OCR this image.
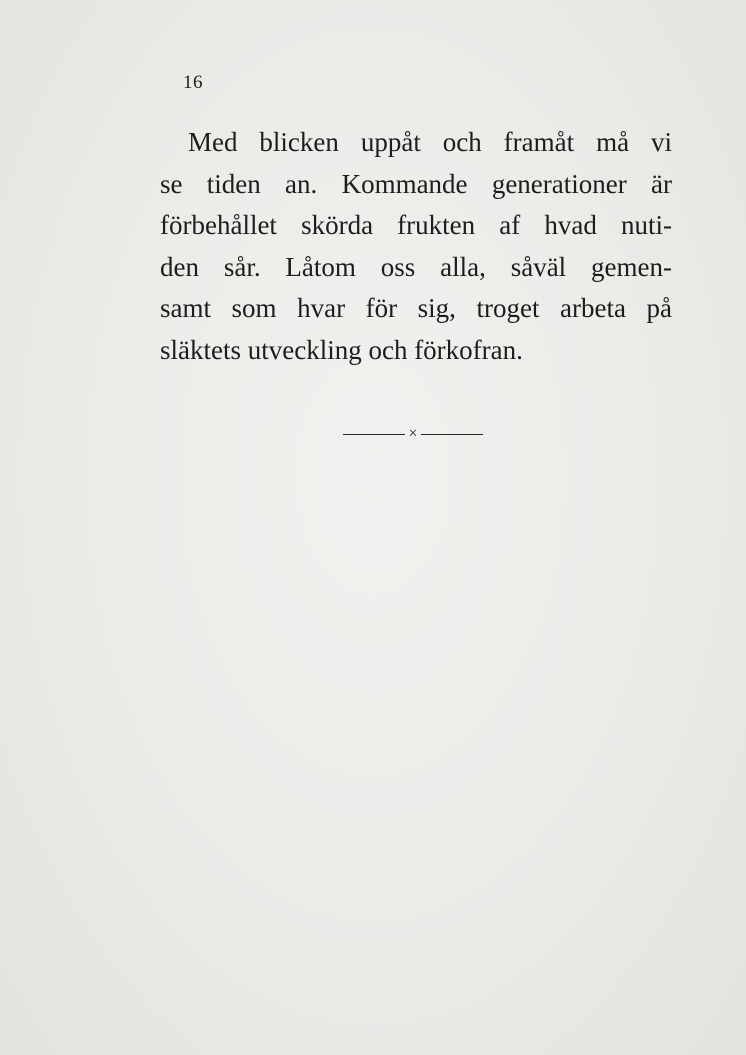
16
Med blicken uppåt och framåt må vi
se tiden an. Kommande generationer är
förbehållet skörda frukten af hvad nuti-
den sår. Låtom oss alla, såväl gemen-
samt som hvar för sig, troget arbeta på
släktets utveckling och förkofran.
×
